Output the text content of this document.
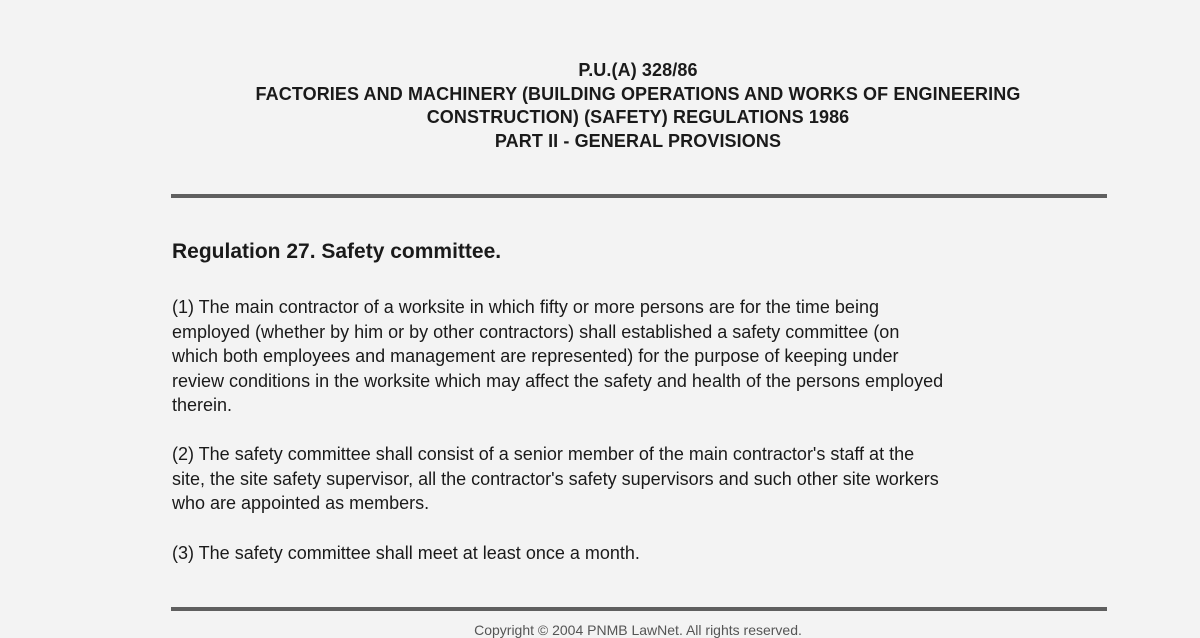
P.U.(A) 328/86
FACTORIES AND MACHINERY (BUILDING OPERATIONS AND WORKS OF ENGINEERING
CONSTRUCTION) (SAFETY) REGULATIONS 1986
PART II - GENERAL PROVISIONS
Regulation 27. Safety committee.
(1) The main contractor of a worksite in which fifty or more persons are for the time being
employed (whether by him or by other contractors) shall established a safety committee (on
which both employees and management are represented) for the purpose of keeping under
review conditions in the worksite which may affect the safety and health of the persons employed
therein.
(2) The safety committee shall consist of a senior member of the main contractor's staff at the
site, the site safety supervisor, all the contractor's safety supervisors and such other site workers
who are appointed as members.
(3) The safety committee shall meet at least once a month.
Copyright © 2004 PNMB LawNet. All rights reserved.
